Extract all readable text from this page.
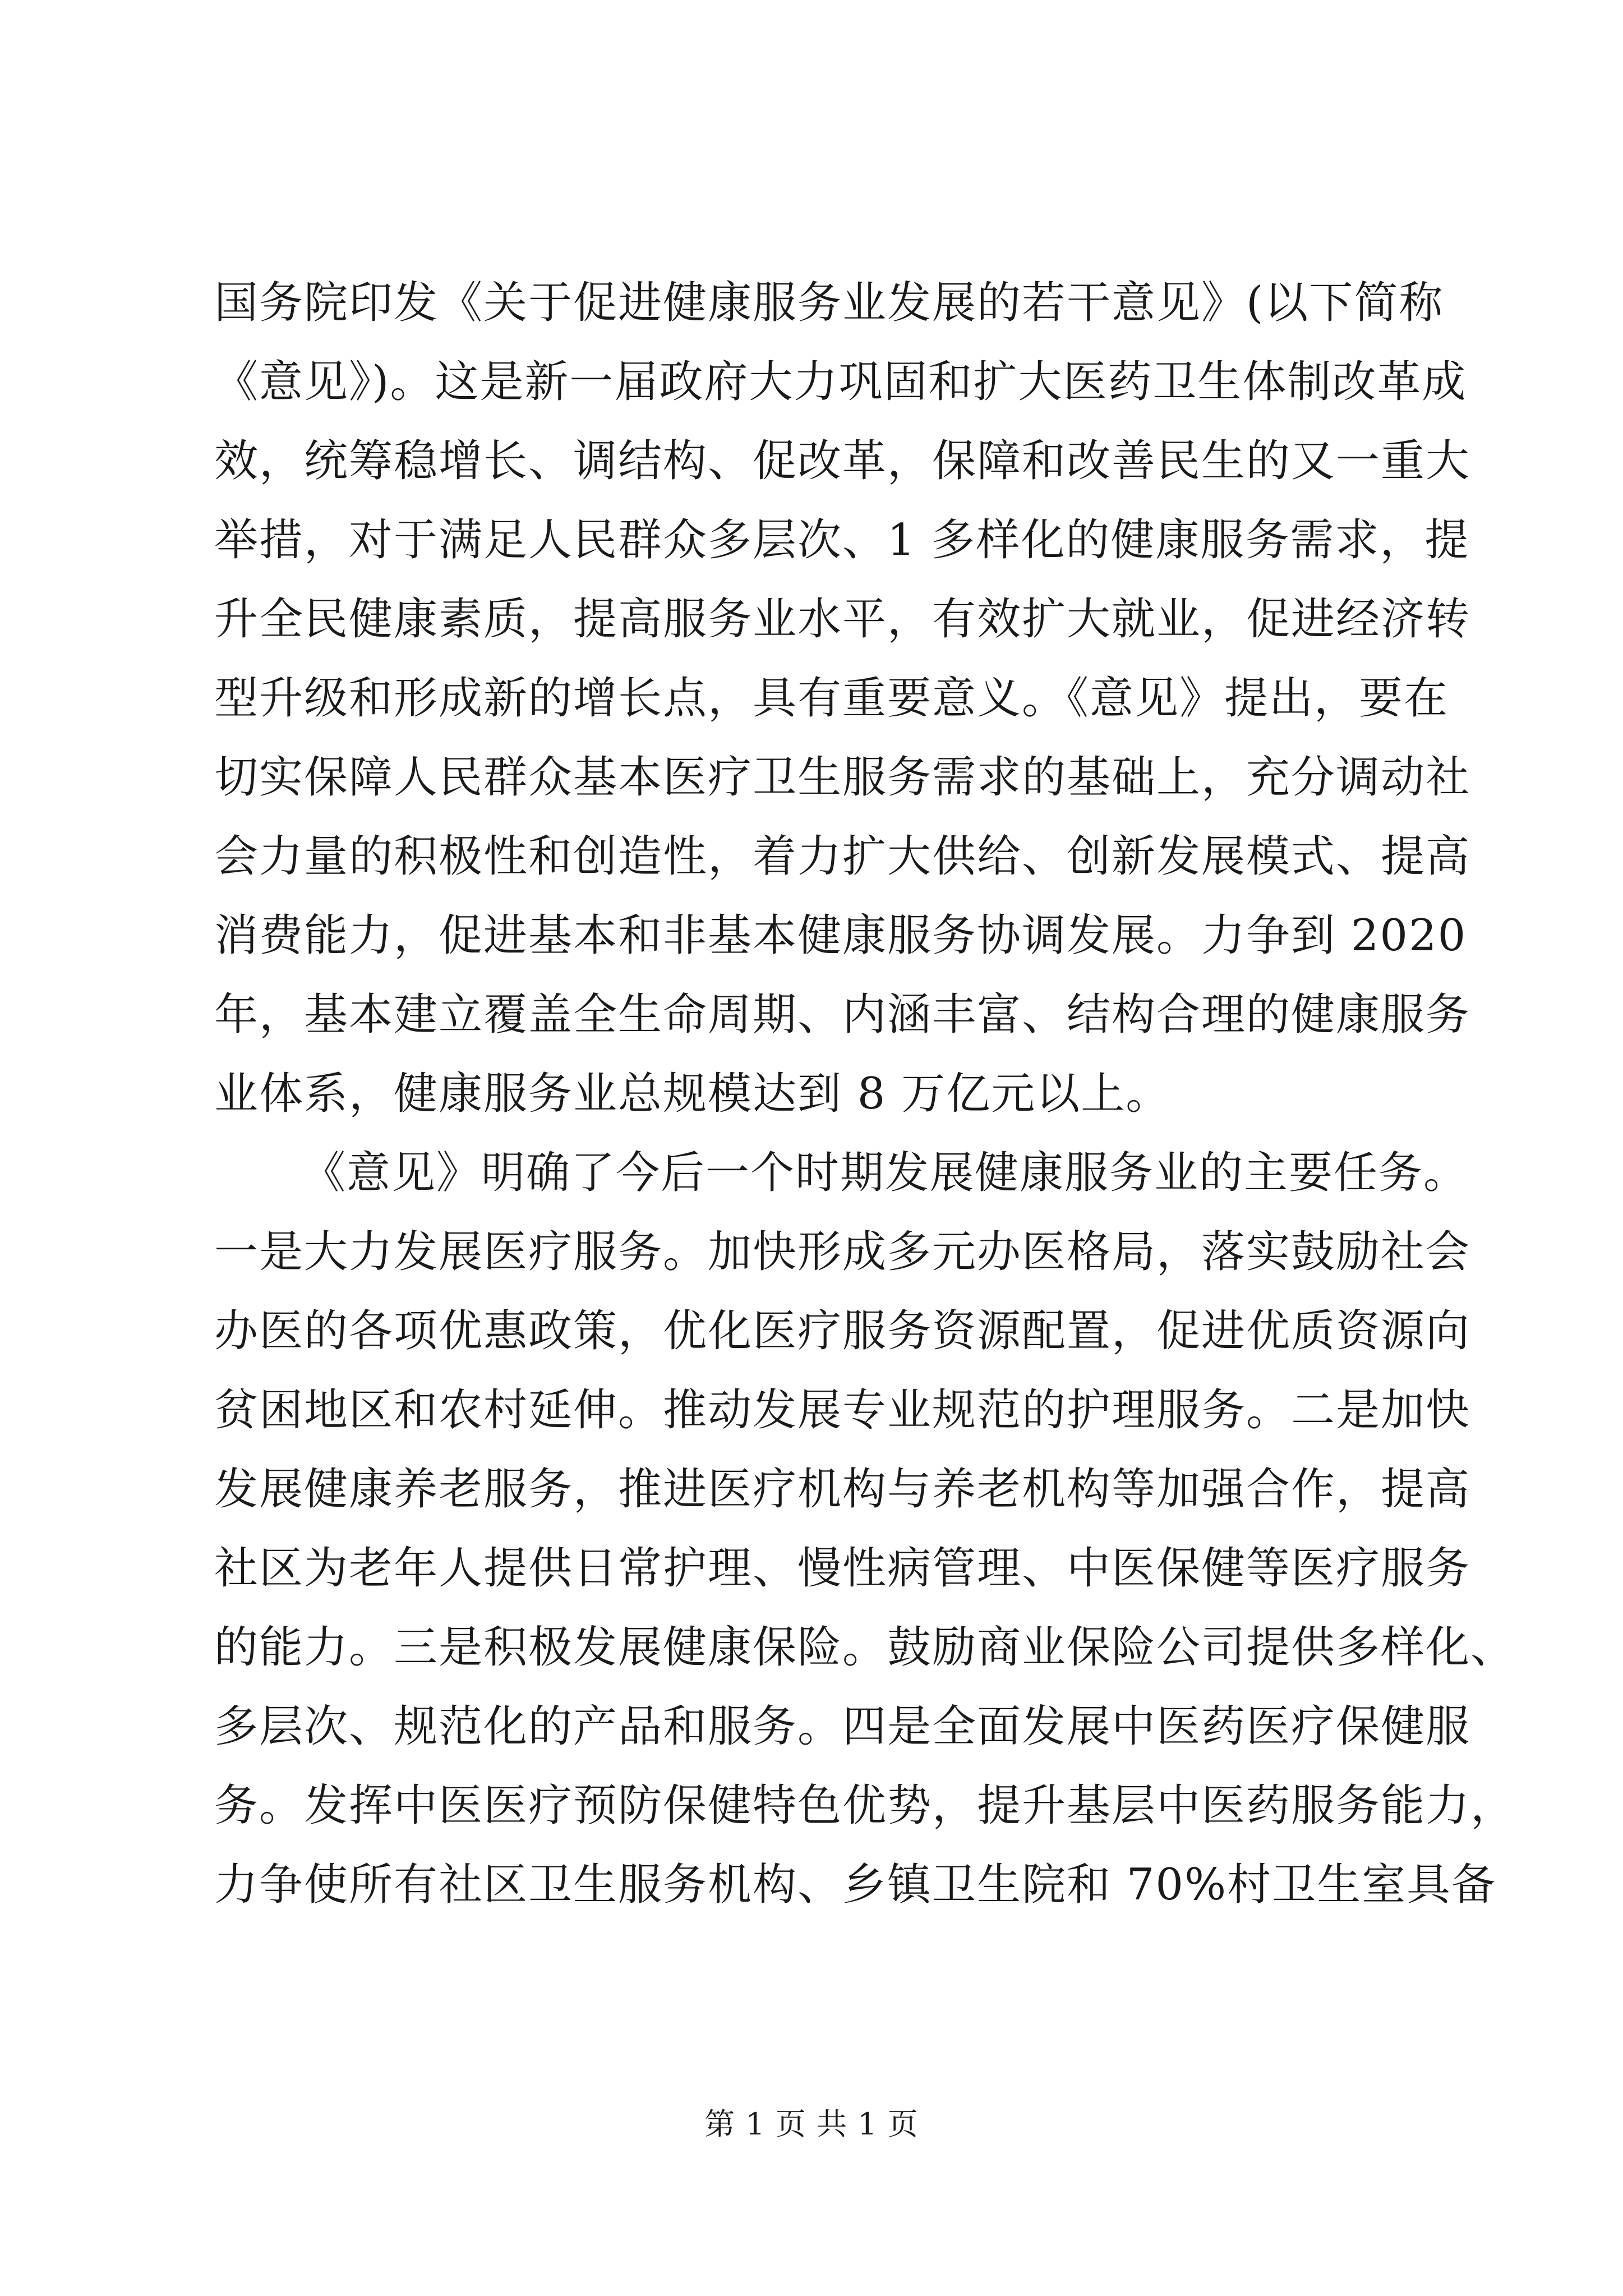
国务院印发《关于促进健康服务业发展的若干意见》(以下简称
《意见》)。这是新一届政府大力巩固和扩大医药卫生体制改革成
效，统筹稳增长、调结构、促改革，保障和改善民生的又一重大
举措，对于满足人民群众多层次、1 多样化的健康服务需求，提
升全民健康素质，提高服务业水平，有效扩大就业，促进经济转
型升级和形成新的增长点，具有重要意义。《意见》提出，要在
切实保障人民群众基本医疗卫生服务需求的基础上，充分调动社
会力量的积极性和创造性，着力扩大供给、创新发展模式、提高
消费能力，促进基本和非基本健康服务协调发展。力争到 2020
年，基本建立覆盖全生命周期、内涵丰富、结构合理的健康服务
业体系，健康服务业总规模达到 8 万亿元以上。
《意见》明确了今后一个时期发展健康服务业的主要任务。
一是大力发展医疗服务。加快形成多元办医格局，落实鼓励社会
办医的各项优惠政策，优化医疗服务资源配置，促进优质资源向
贫困地区和农村延伸。推动发展专业规范的护理服务。二是加快
发展健康养老服务，推进医疗机构与养老机构等加强合作，提高
社区为老年人提供日常护理、慢性病管理、中医保健等医疗服务
的能力。三是积极发展健康保险。鼓励商业保险公司提供多样化、
多层次、规范化的产品和服务。四是全面发展中医药医疗保健服
务。发挥中医医疗预防保健特色优势，提升基层中医药服务能力，
力争使所有社区卫生服务机构、乡镇卫生院和 70%村卫生室具备
第 1 页 共 1 页
